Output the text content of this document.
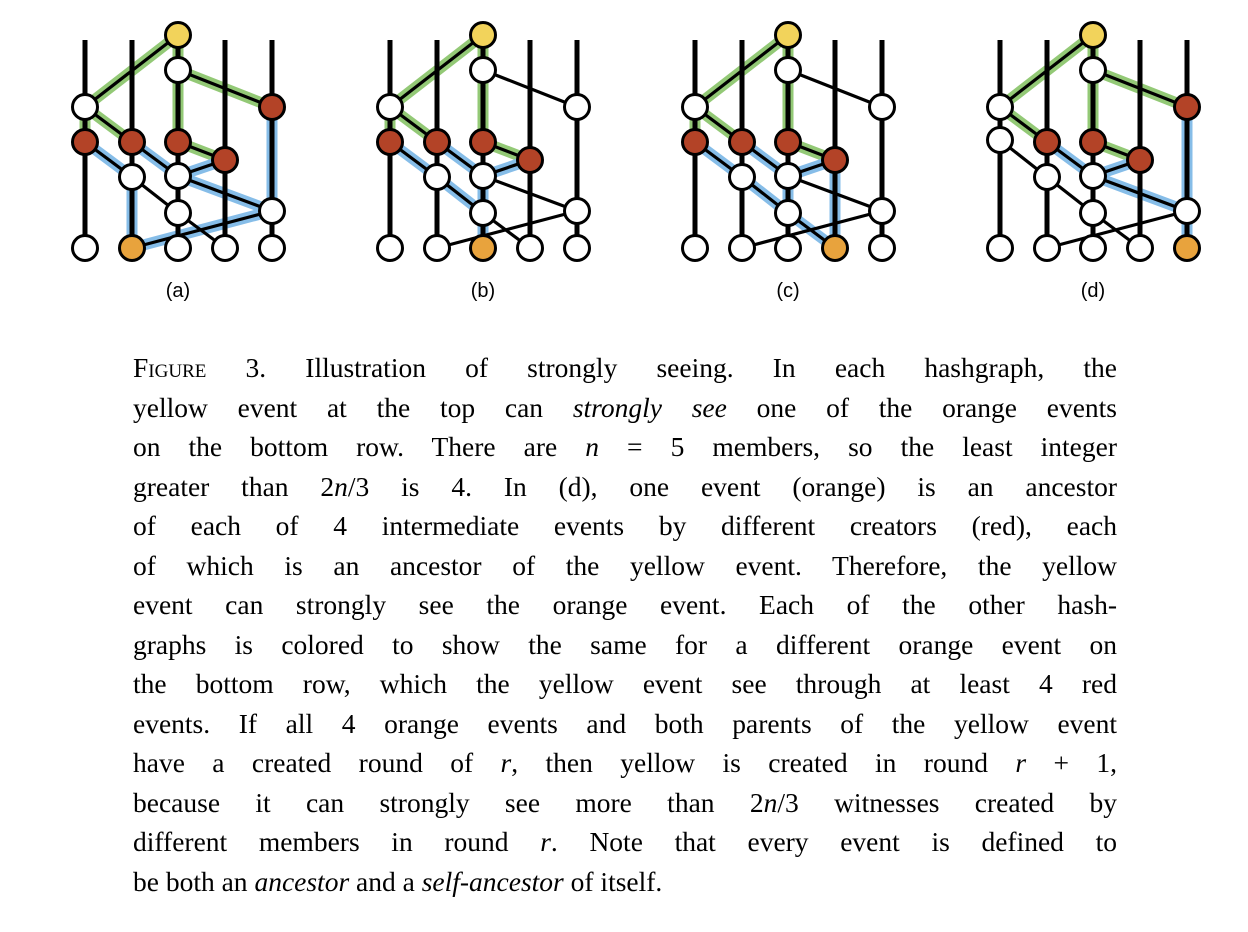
(a)	(b)	(c)	(d)
Figure 3. Illustration of strongly seeing. In each hashgraph, the
yellow event at the top can strongly see one of the orange events
on the bottom row. There are n = 5 members, so the least integer
greater than 2n/3 is 4. In (d), one event (orange) is an ancestor
of each of 4 intermediate events by different creators (red), each
of which is an ancestor of the yellow event. Therefore, the yellow
event can strongly see the orange event. Each of the other hash-
graphs is colored to show the same for a different orange event on
the bottom row, which the yellow event see through at least 4 red
events. If all 4 orange events and both parents of the yellow event
have a created round of r, then yellow is created in round r + 1,
because it can strongly see more than 2n/3 witnesses created by
different members in round r. Note that every event is defined to
be both an ancestor and a self-ancestor of itself.
